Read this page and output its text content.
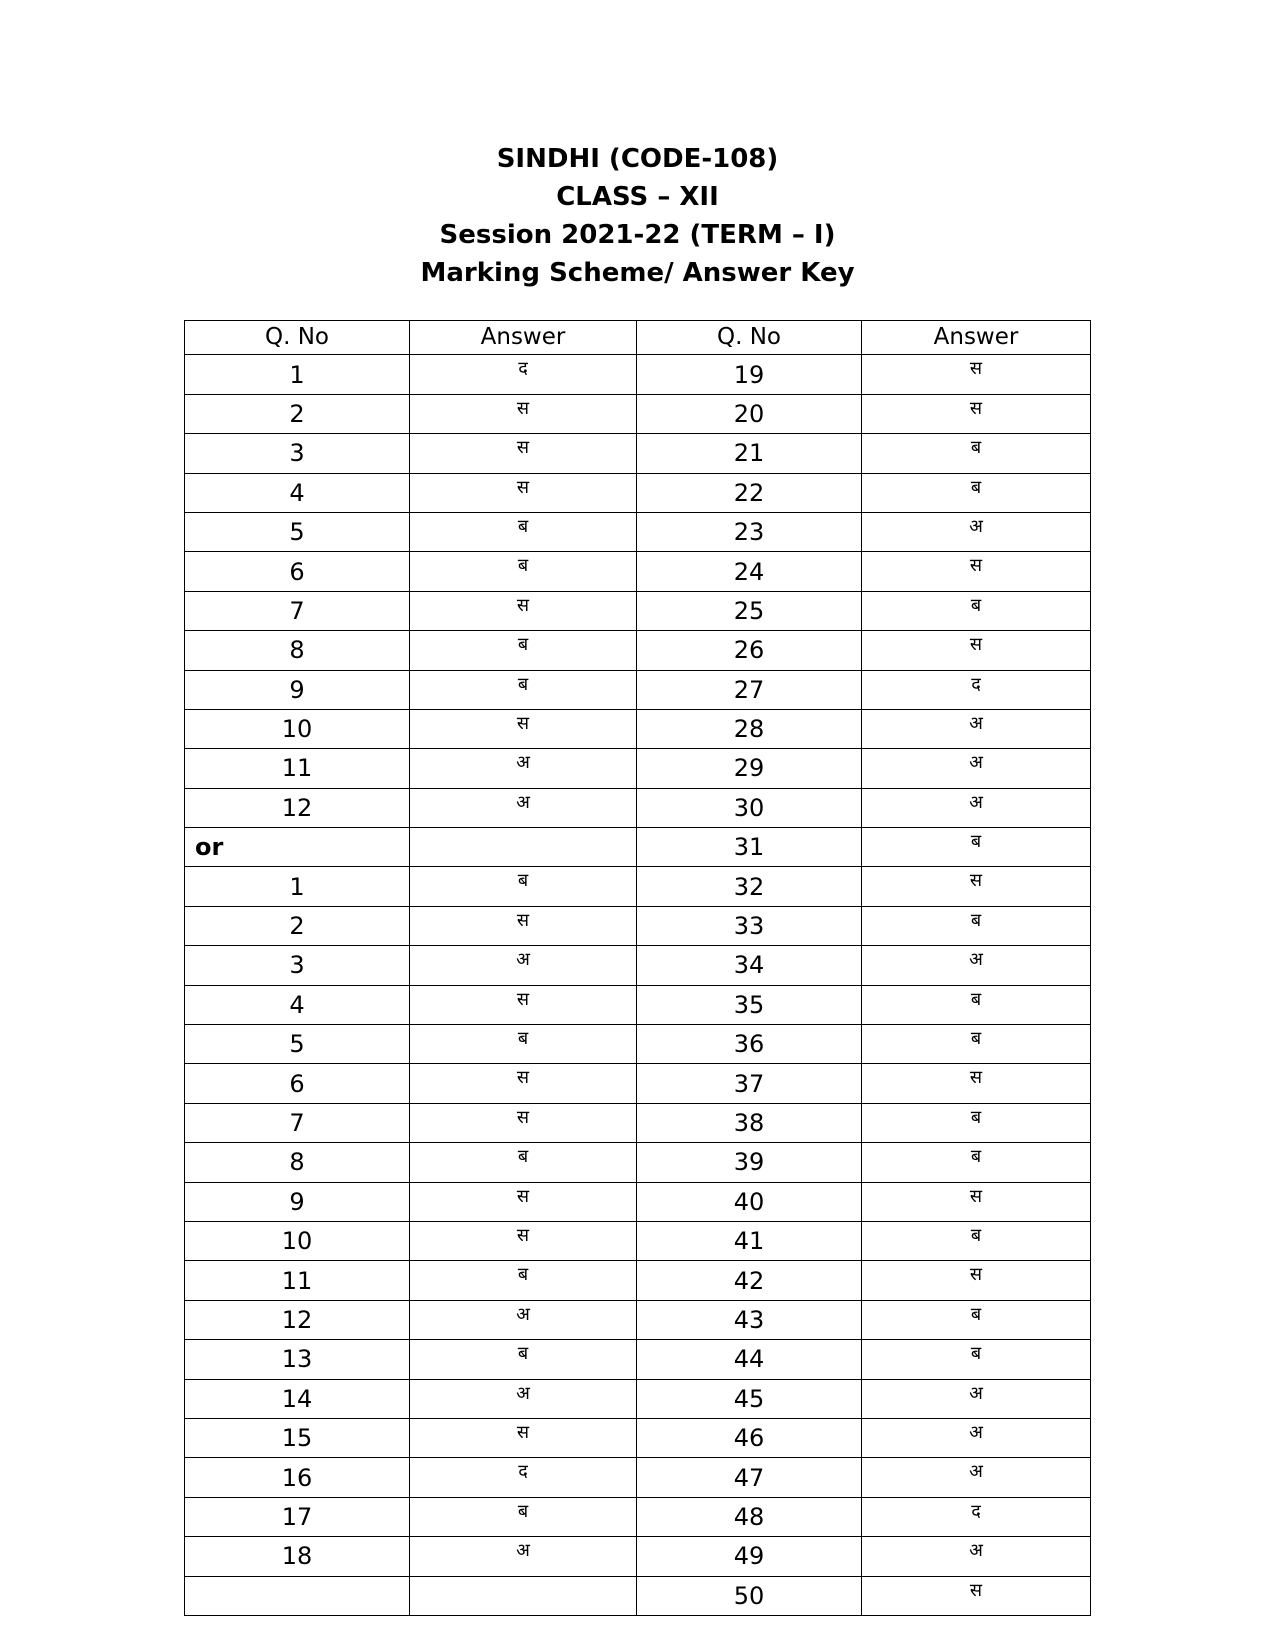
SINDHI (CODE-108)
CLASS – XII
Session 2021-22 (TERM – I)
Marking Scheme/ Answer Key
Q. No	Answer	Q. No	Answer
1	द	19	स
2	स	20	स
3	स	21	ब
4	स	22	ब
5	ब	23	अ
6	ब	24	स
7	स	25	ब
8	ब	26	स
9	ब	27	द
10	स	28	अ
11	अ	29	अ
12	अ	30	अ
or		31	ब
1	ब	32	स
2	स	33	ब
3	अ	34	अ
4	स	35	ब
5	ब	36	ब
6	स	37	स
7	स	38	ब
8	ब	39	ब
9	स	40	स
10	स	41	ब
11	ब	42	स
12	अ	43	ब
13	ब	44	ब
14	अ	45	अ
15	स	46	अ
16	द	47	अ
17	ब	48	द
18	अ	49	अ
		50	स
